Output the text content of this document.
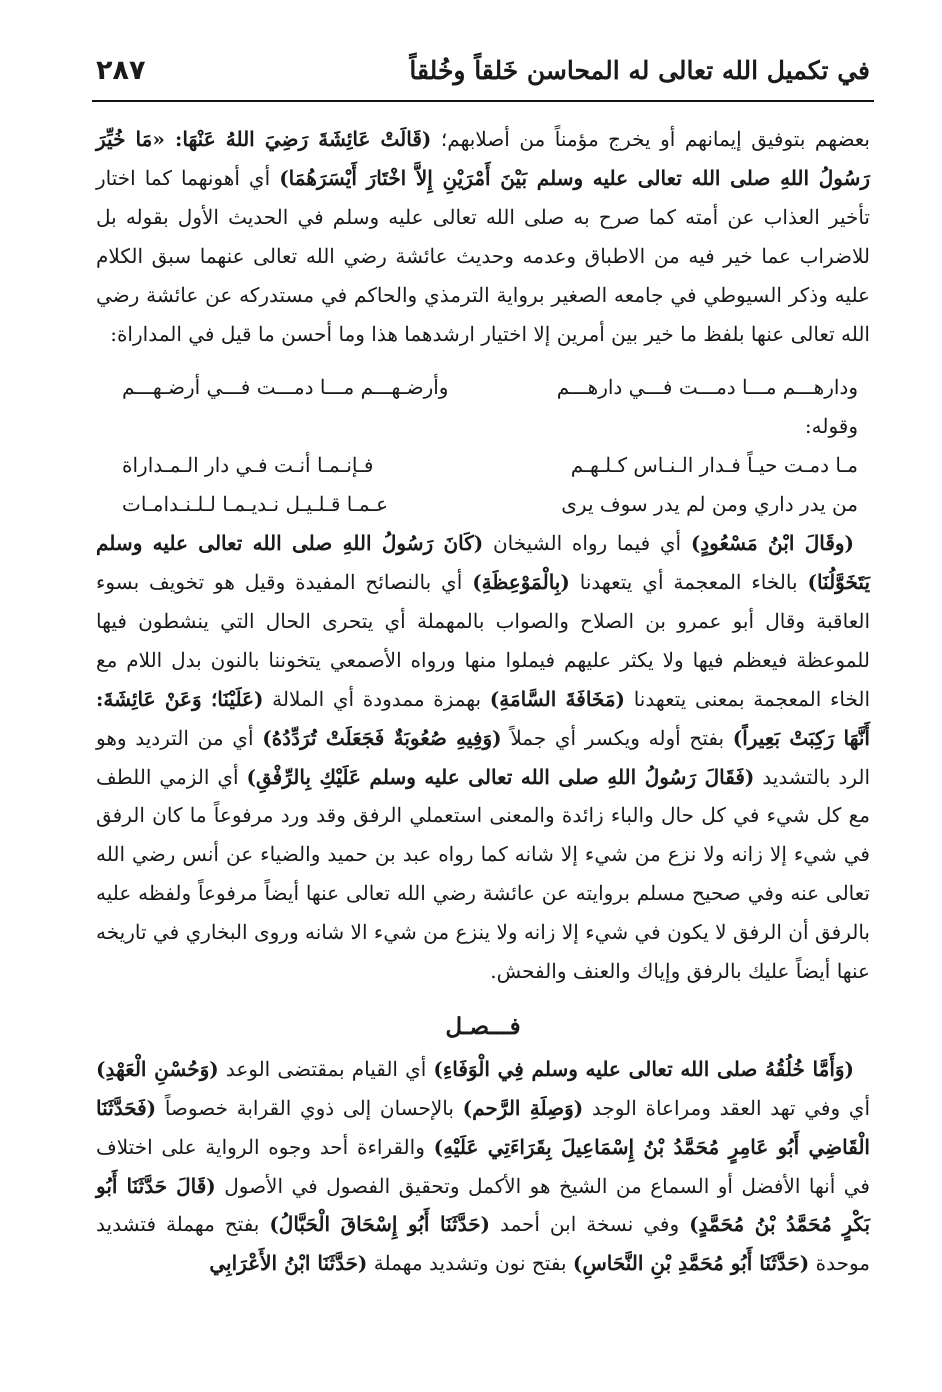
في تكميل الله تعالى له المحاسن خَلقاً وخُلقاً
٢٨٧

بعضهم بتوفيق إيمانهم أو يخرج مؤمناً من أصلابهم؛ (قَالَتْ عَائِشَةَ رَضِيَ اللهُ عَنْهَا: «مَا خُيِّرَ رَسُولُ اللهِ صلى الله تعالى عليه وسلم بَيْنَ أَمْرَيْنِ إِلاَّ اخْتَارَ أَيْسَرَهُمَا) أي أهونهما كما اختار تأخير العذاب عن أمته كما صرح به صلى الله تعالى عليه وسلم في الحديث الأول بقوله بل للاضراب عما خير فيه من الاطباق وعدمه وحديث عائشة رضي الله تعالى عنهما سبق الكلام عليه وذكر السيوطي في جامعه الصغير برواية الترمذي والحاكم في مستدركه عن عائشة رضي الله تعالى عنها بلفظ ما خير بين أمرين إلا اختيار ارشدهما هذا وما أحسن ما قيل في المداراة:

ودارهـــم مـــا دمـــت فـــي دارهـــم
وأرضـهـــم مـــا دمـــت فـــي أرضـهـــم

وقوله:

مـا دمـت حيـاً فـدار الـنـاس كـلـهـم
فـإنـمـا أنـت فـي دار الـمـداراة
من يدر داري ومن لم يدر سوف يرى
عـمـا قـلـيـل نـديـمـا لـلـنـدامـات

(وقَالَ ابْنُ مَسْعُودٍ) أي فيما رواه الشيخان (كَانَ رَسُولُ اللهِ صلى الله تعالى عليه وسلم يَتَخَوَّلُنَا) بالخاء المعجمة أي يتعهدنا (بِالْمَوْعِظَةِ) أي بالنصائح المفيدة وقيل هو تخويف بسوء العاقبة وقال أبو عمرو بن الصلاح والصواب بالمهملة أي يتحرى الحال التي ينشطون فيها للموعظة فيعظم فيها ولا يكثر عليهم فيملوا منها ورواه الأصمعي يتخوننا بالنون بدل اللام مع الخاء المعجمة بمعنى يتعهدنا (مَخَافَةَ السَّامَةِ) بهمزة ممدودة أي الملالة (عَلَيْنَا؛ وَعَنْ عَائِشَةَ: أَنَّهَا رَكِبَتْ بَعِيراً) بفتح أوله ويكسر أي جملاً (وَفِيهِ صُعُوبَةٌ فَجَعَلَتْ تُرَدِّدُهُ) أي من الترديد وهو الرد بالتشديد (فَقَالَ رَسُولُ اللهِ صلى الله تعالى عليه وسلم عَلَيْكِ بِالرِّفْقِ) أي الزمي اللطف مع كل شيء في كل حال والباء زائدة والمعنى استعملي الرفق وقد ورد مرفوعاً ما كان الرفق في شيء إلا زانه ولا نزع من شيء إلا شانه كما رواه عبد بن حميد والضياء عن أنس رضي الله تعالى عنه وفي صحيح مسلم بروايته عن عائشة رضي الله تعالى عنها أيضاً مرفوعاً ولفظه عليه بالرفق أن الرفق لا يكون في شيء إلا زانه ولا ينزع من شيء الا شانه وروى البخاري في تاريخه عنها أيضاً عليك بالرفق وإياك والعنف والفحش.

فـــصـل

(وَأَمَّا خُلُقُهُ صلى الله تعالى عليه وسلم فِي الْوَفَاءِ) أي القيام بمقتضى الوعد (وَحُسْنِ الْعَهْدِ) أي وفي تهد العقد ومراعاة الوجد (وَصِلَةِ الرَّحم) بالإحسان إلى ذوي القرابة خصوصاً (فَحَدَّثَنَا الْقَاضِي أَبُو عَامِرٍ مُحَمَّدُ بْنُ إِسْمَاعِيلَ بِقَرَاءَتِي عَلَيْهِ) والقراءة أحد وجوه الرواية على اختلاف في أنها الأفضل أو السماع من الشيخ هو الأكمل وتحقيق الفصول في الأصول (قَالَ حَدَّثَنَا أَبُو بَكْرٍ مُحَمَّدُ بْنُ مُحَمَّدٍ) وفي نسخة ابن أحمد (حَدَّثَنَا أَبُو إِسْحَاقَ الْحَبَّالُ) بفتح مهملة فتشديد موحدة (حَدَّثَنَا أَبُو مُحَمَّدِ بْنِ النَّحَاسِ) بفتح نون وتشديد مهملة (حَدَّثَنَا ابْنُ الأَعْرَابِي
